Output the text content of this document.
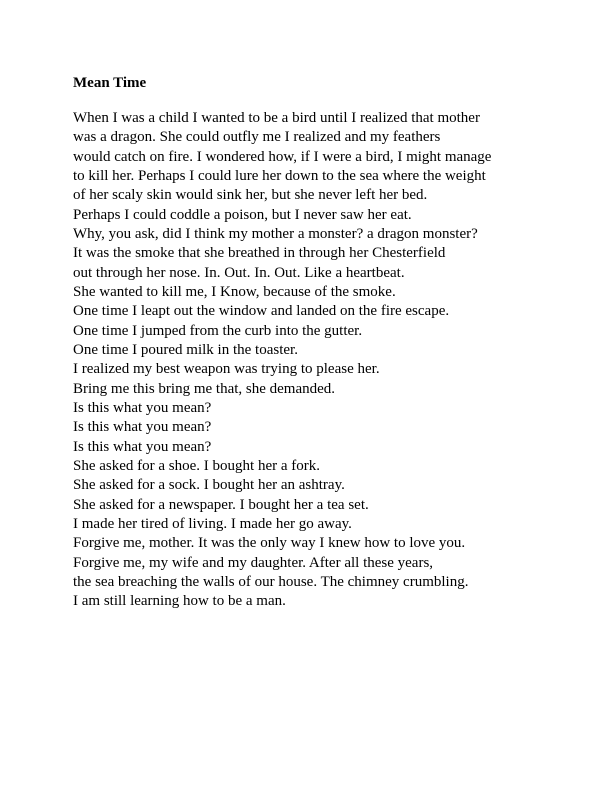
Mean Time
When I was a child I wanted to be a bird until I realized that mother
was a dragon. She could outfly me I realized and my feathers
would catch on fire. I wondered how, if I were a bird, I might manage
to kill her. Perhaps I could lure her down to the sea where the weight
of her scaly skin would sink her, but she never left her bed.
Perhaps I could coddle a poison, but I never saw her eat.
Why, you ask, did I think my mother a monster? a dragon monster?
It was the smoke that she breathed in through her Chesterfield
out through her nose. In. Out. In. Out. Like a heartbeat.
She wanted to kill me, I Know, because of the smoke.
One time I leapt out the window and landed on the fire escape.
One time I jumped from the curb into the gutter.
One time I poured milk in the toaster.
I realized my best weapon was trying to please her.
Bring me this bring me that, she demanded.
Is this what you mean?
Is this what you mean?
Is this what you mean?
She asked for a shoe. I bought her a fork.
She asked for a sock. I bought her an ashtray.
She asked for a newspaper. I bought her a tea set.
I made her tired of living. I made her go away.
Forgive me, mother. It was the only way I knew how to love you.
Forgive me, my wife and my daughter. After all these years,
the sea breaching the walls of our house. The chimney crumbling.
I am still learning how to be a man.
